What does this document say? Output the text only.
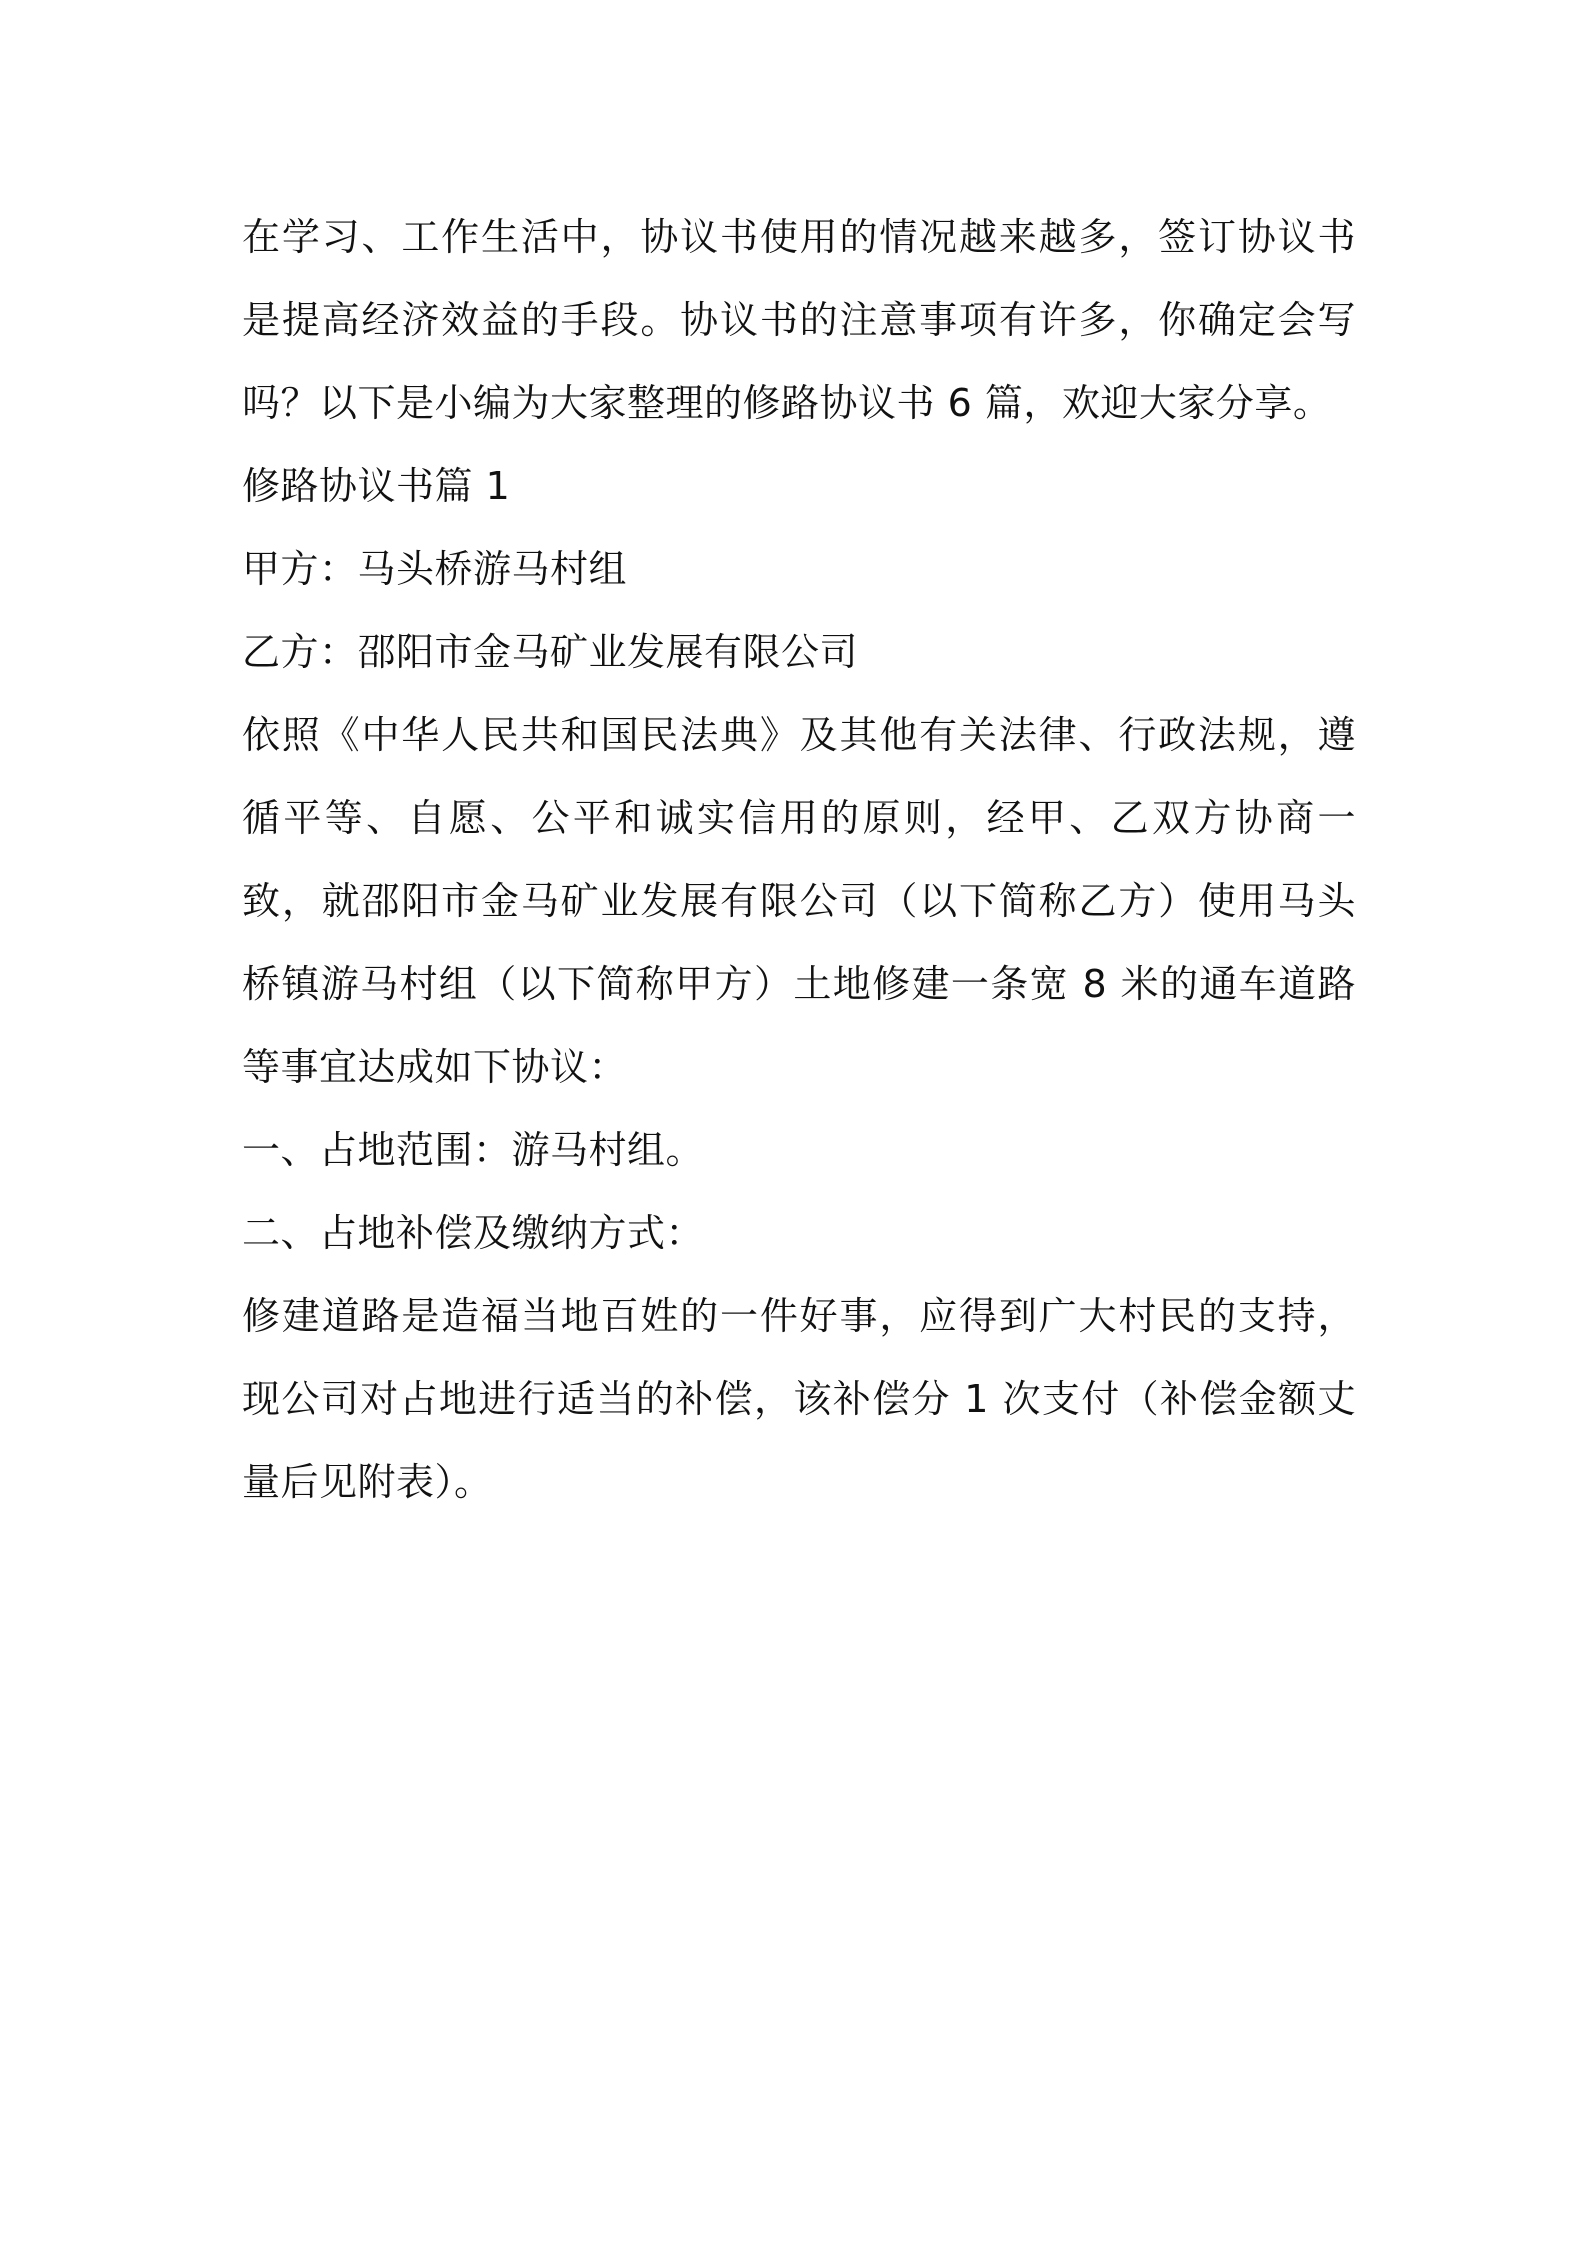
在学习、工作生活中，协议书使用的情况越来越多，签订协议书是提高经济效益的手段。协议书的注意事项有许多，你确定会写吗？以下是小编为大家整理的修路协议书 6 篇，欢迎大家分享。

修路协议书篇 1

甲方：马头桥游马村组

乙方：邵阳市金马矿业发展有限公司

依照《中华人民共和国民法典》及其他有关法律、行政法规，遵循平等、自愿、公平和诚实信用的原则，经甲、乙双方协商一致，就邵阳市金马矿业发展有限公司（以下简称乙方）使用马头桥镇游马村组（以下简称甲方）土地修建一条宽 8 米的通车道路等事宜达成如下协议：

一、占地范围：游马村组。

二、占地补偿及缴纳方式：

修建道路是造福当地百姓的一件好事，应得到广大村民的支持，现公司对占地进行适当的补偿，该补偿分 1 次支付（补偿金额丈量后见附表）。
